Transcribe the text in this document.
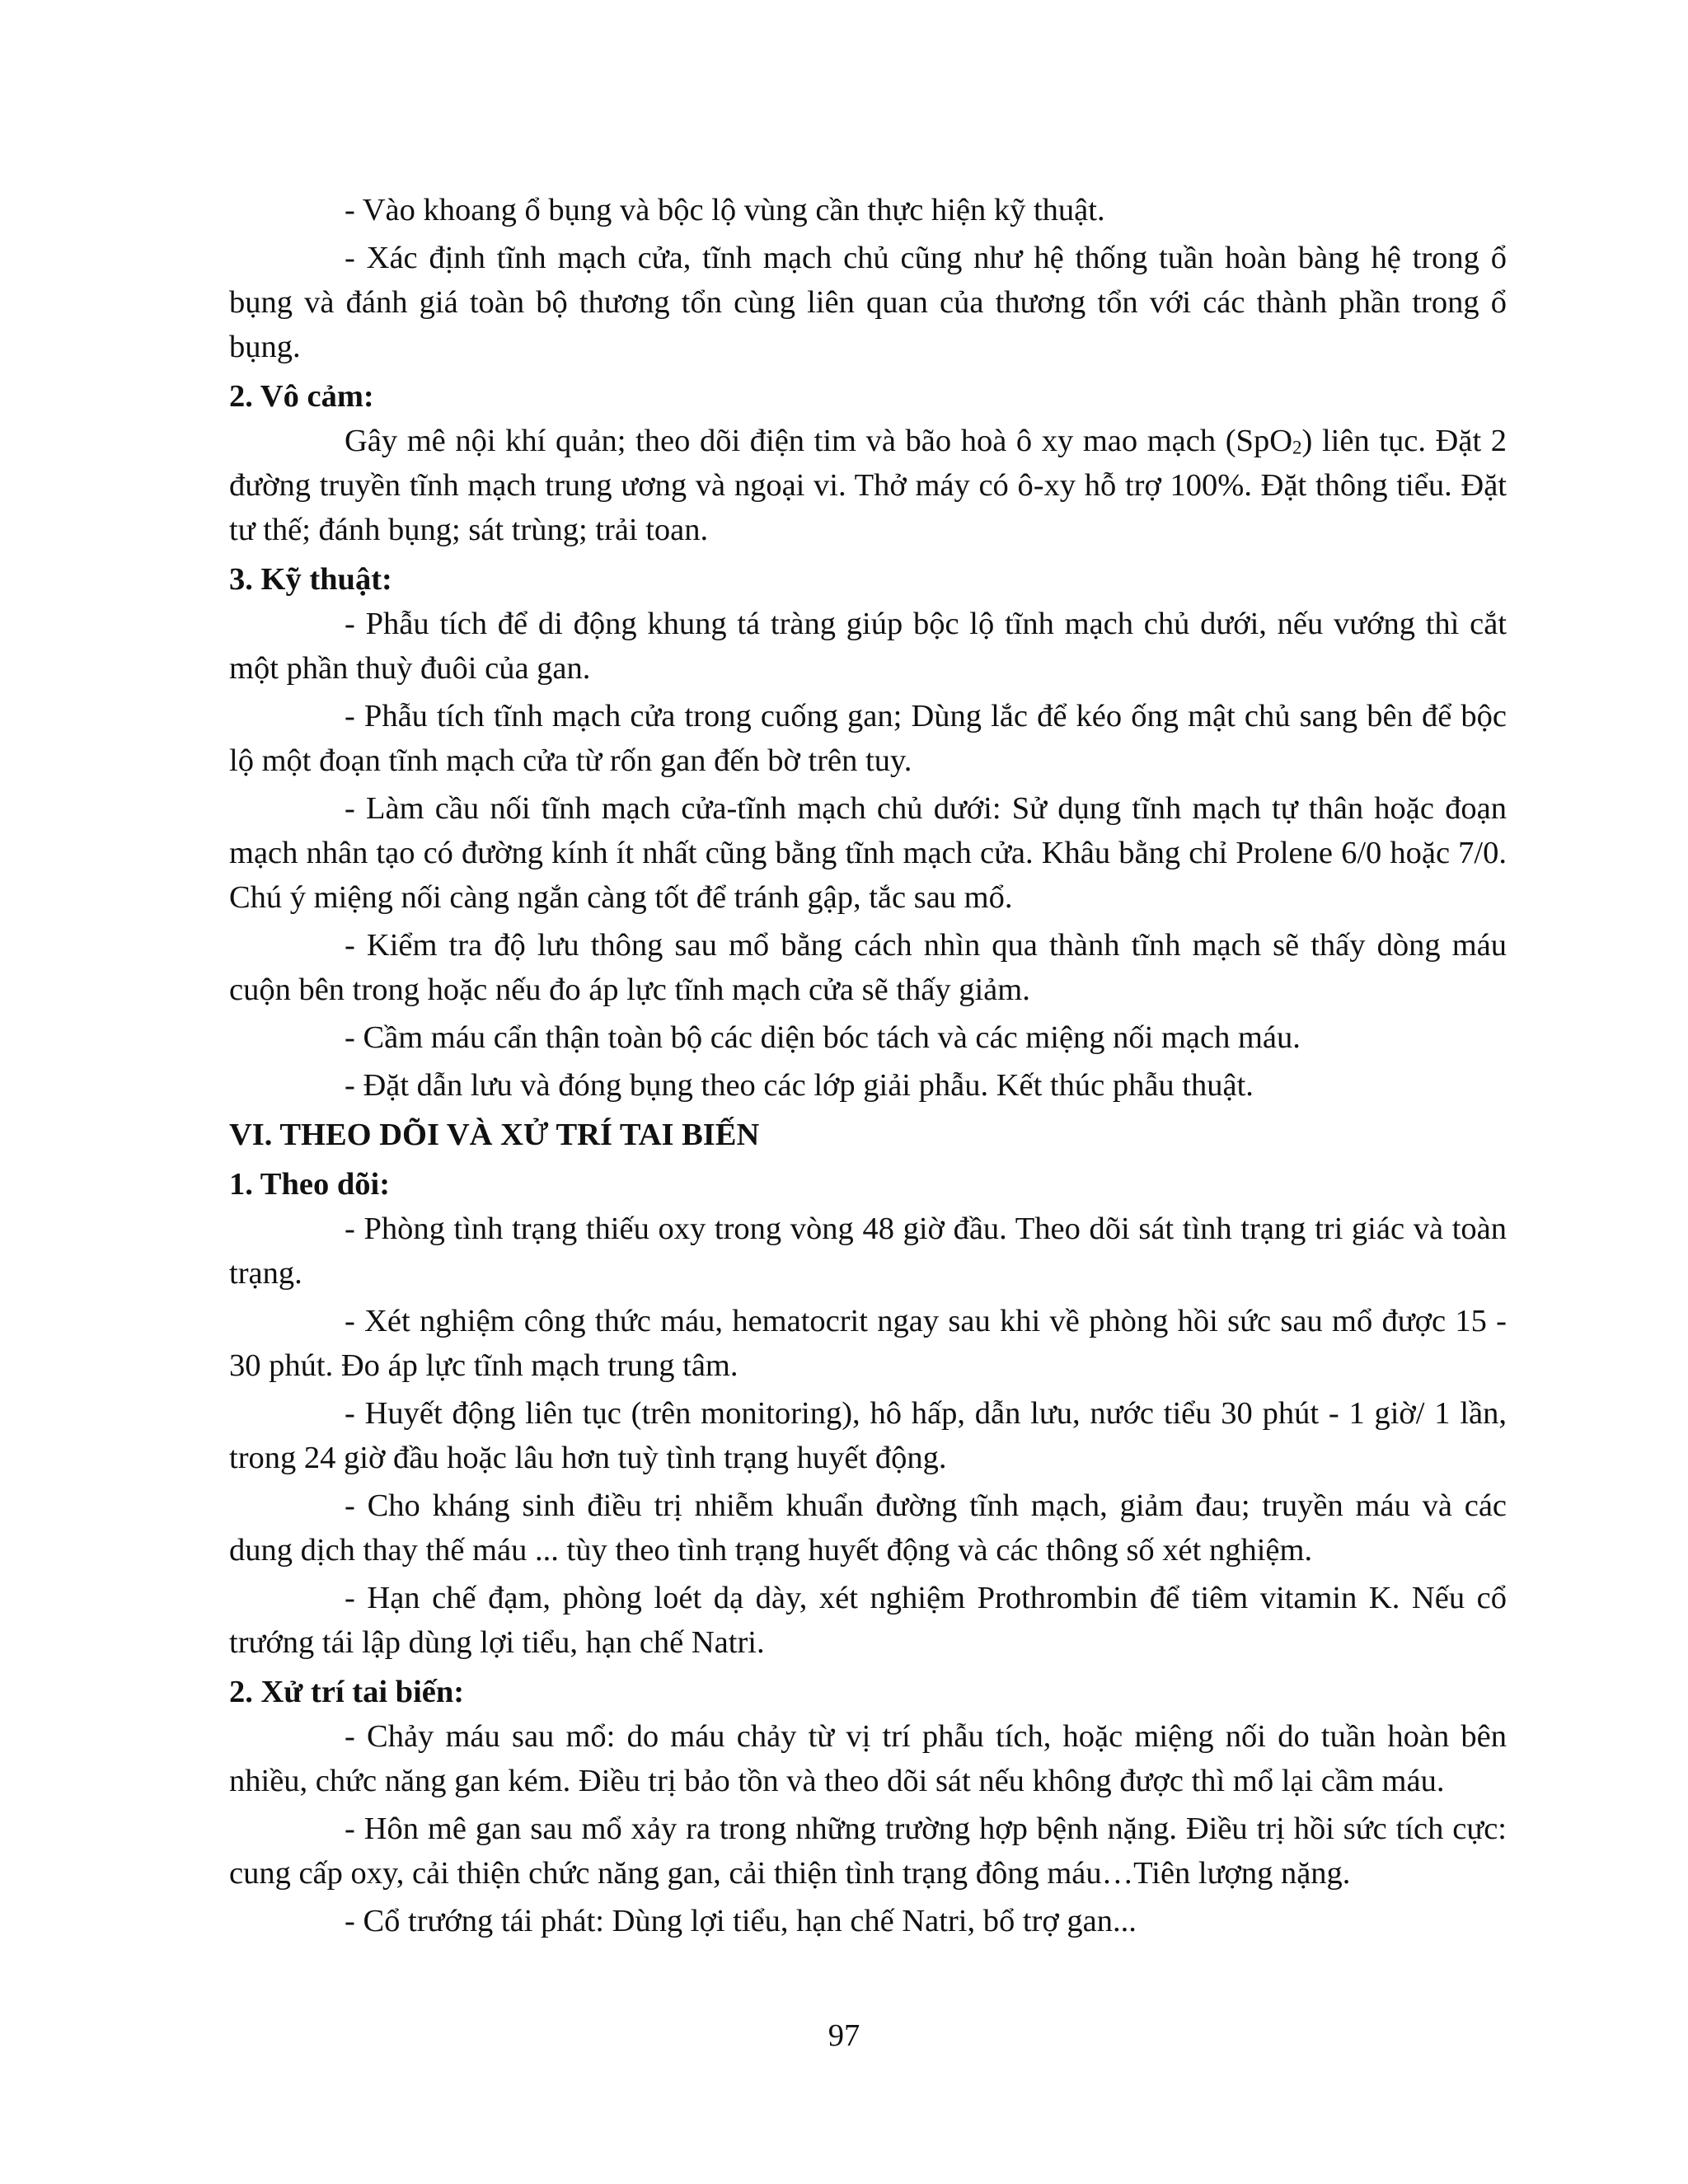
- Vào khoang ổ bụng và bộc lộ vùng cần thực hiện kỹ thuật.

- Xác định tĩnh mạch cửa, tĩnh mạch chủ cũng như hệ thống tuần hoàn bàng hệ trong ổ bụng và đánh giá toàn bộ thương tổn cùng liên quan của thương tổn với các thành phần trong ổ bụng.

2. Vô cảm:

Gây mê nội khí quản; theo dõi điện tim và bão hoà ô xy mao mạch (SpO$_2$) liên tục. Đặt 2 đường truyền tĩnh mạch trung ương và ngoại vi. Thở máy có ô-xy hỗ trợ 100%. Đặt thông tiểu. Đặt tư thế; đánh bụng; sát trùng; trải toan.

3. Kỹ thuật:

- Phẫu tích để di động khung tá tràng giúp bộc lộ tĩnh mạch chủ dưới, nếu vướng thì cắt một phần thuỳ đuôi của gan.

- Phẫu tích tĩnh mạch cửa trong cuống gan; Dùng lắc để kéo ống mật chủ sang bên để bộc lộ một đoạn tĩnh mạch cửa từ rốn gan đến bờ trên tuy.

- Làm cầu nối tĩnh mạch cửa-tĩnh mạch chủ dưới: Sử dụng tĩnh mạch tự thân hoặc đoạn mạch nhân tạo có đường kính ít nhất cũng bằng tĩnh mạch cửa. Khâu bằng chỉ Prolene 6/0 hoặc 7/0. Chú ý miệng nối càng ngắn càng tốt để tránh gập, tắc sau mổ.

- Kiểm tra độ lưu thông sau mổ bằng cách nhìn qua thành tĩnh mạch sẽ thấy dòng máu cuộn bên trong hoặc nếu đo áp lực tĩnh mạch cửa sẽ thấy giảm.

- Cầm máu cẩn thận toàn bộ các diện bóc tách và các miệng nối mạch máu.

- Đặt dẫn lưu và đóng bụng theo các lớp giải phẫu. Kết thúc phẫu thuật.

VI. THEO DÕI VÀ XỬ TRÍ TAI BIẾN

1. Theo dõi:

- Phòng tình trạng thiếu oxy trong vòng 48 giờ đầu. Theo dõi sát tình trạng tri giác và toàn trạng.

- Xét nghiệm công thức máu, hematocrit ngay sau khi về phòng hồi sức sau mổ được 15 - 30 phút. Đo áp lực tĩnh mạch trung tâm.

- Huyết động liên tục (trên monitoring), hô hấp, dẫn lưu, nước tiểu 30 phút - 1 giờ/ 1 lần, trong 24 giờ đầu hoặc lâu hơn tuỳ tình trạng huyết động.

- Cho kháng sinh điều trị nhiễm khuẩn đường tĩnh mạch, giảm đau; truyền máu và các dung dịch thay thế máu ... tùy theo tình trạng huyết động và các thông số xét nghiệm.

- Hạn chế đạm, phòng loét dạ dày, xét nghiệm Prothrombin để tiêm vitamin K. Nếu cổ trướng tái lập dùng lợi tiểu, hạn chế Natri.

2. Xử trí tai biến:

- Chảy máu sau mổ: do máu chảy từ vị trí phẫu tích, hoặc miệng nối do tuần hoàn bên nhiều, chức năng gan kém. Điều trị bảo tồn và theo dõi sát nếu không được thì mổ lại cầm máu.

- Hôn mê gan sau mổ xảy ra trong những trường hợp bệnh nặng. Điều trị hồi sức tích cực: cung cấp oxy, cải thiện chức năng gan, cải thiện tình trạng đông máu…Tiên lượng nặng.

- Cổ trướng tái phát: Dùng lợi tiểu, hạn chế Natri, bổ trợ gan...

97
